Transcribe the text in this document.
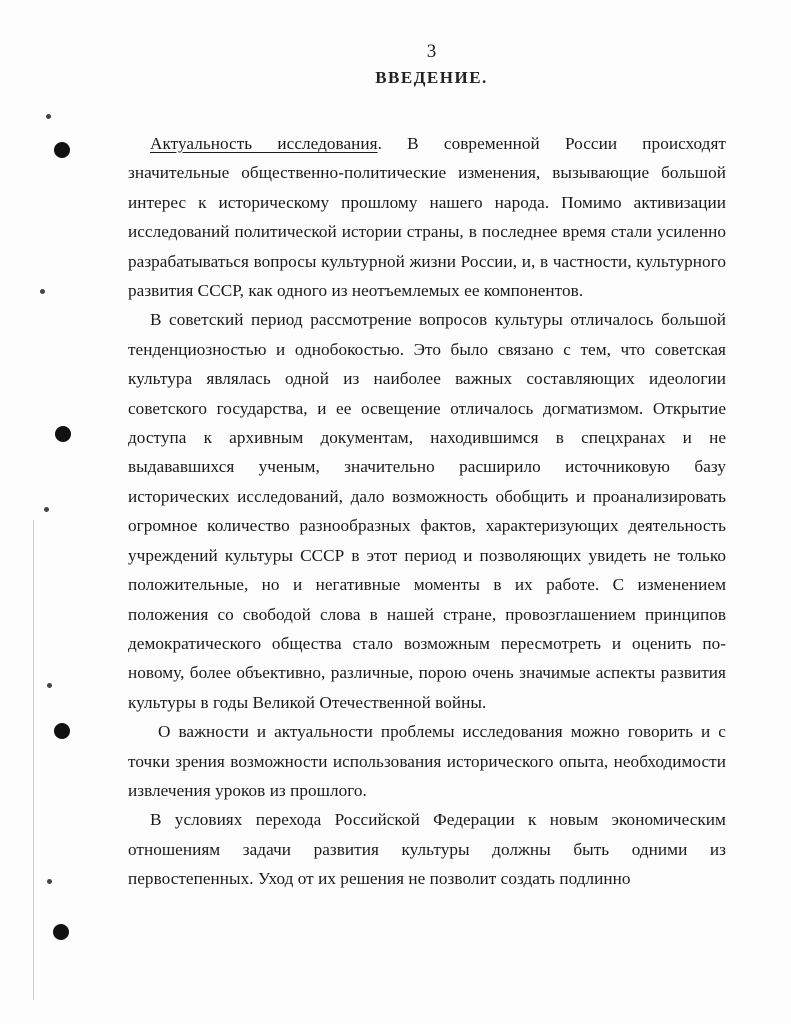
3
ВВЕДЕНИЕ.

Актуальность исследования. В современной России происходят значительные общественно-политические изменения, вызывающие большой интерес к историческому прошлому нашего народа. Помимо активизации исследований политической истории страны, в последнее время стали усиленно разрабатываться вопросы культурной жизни России, и, в частности, культурного развития СССР, как одного из неотъемлемых ее компонентов.

В советский период рассмотрение вопросов культуры отличалось большой тенденциозностью и однобокостью. Это было связано с тем, что советская культура являлась одной из наиболее важных составляющих идеологии советского государства, и ее освещение отличалось догматизмом. Открытие доступа к архивным документам, находившимся в спецхранах и не выдававшихся ученым, значительно расширило источниковую базу исторических исследований, дало возможность обобщить и проанализировать огромное количество разнообразных фактов, характеризующих деятельность учреждений культуры СССР в этот период и позволяющих увидеть не только положительные, но и негативные моменты в их работе. С изменением положения со свободой слова в нашей стране, провозглашением принципов демократического общества стало возможным пересмотреть и оценить по-новому, более объективно, различные, порою очень значимые аспекты развития культуры в годы Великой Отечественной войны.

О важности и актуальности проблемы исследования можно говорить и с точки зрения возможности использования исторического опыта, необходимости извлечения уроков из прошлого.

В условиях перехода Российской Федерации к новым экономическим отношениям задачи развития культуры должны быть одними из первостепенных. Уход от их решения не позволит создать подлинно
